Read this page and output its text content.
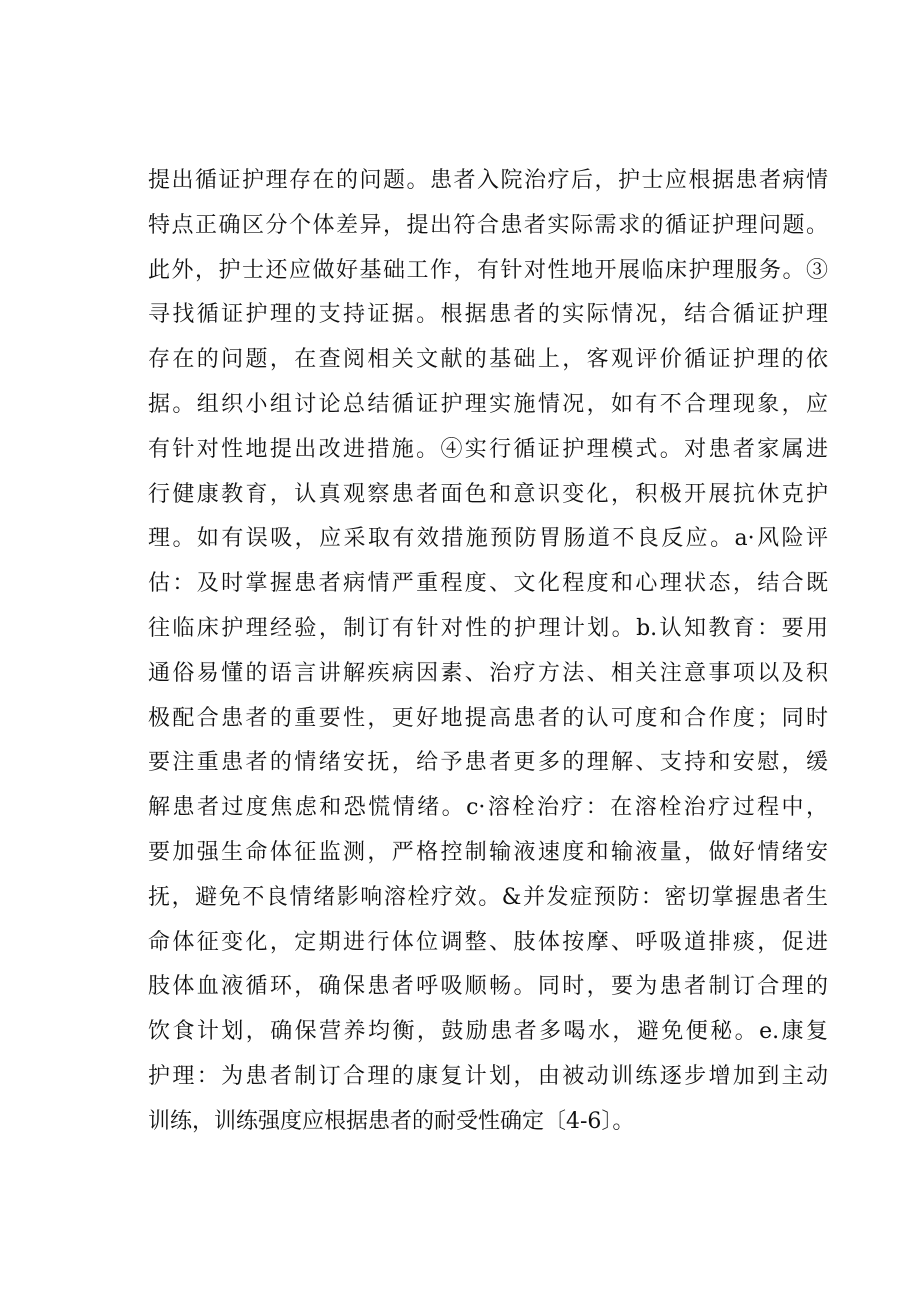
提出循证护理存在的问题。患者入院治疗后，护士应根据患者病情
特点正确区分个体差异，提出符合患者实际需求的循证护理问题。
此外，护士还应做好基础工作，有针对性地开展临床护理服务。③
寻找循证护理的支持证据。根据患者的实际情况，结合循证护理
存在的问题，在查阅相关文献的基础上，客观评价循证护理的依
据。组织小组讨论总结循证护理实施情况，如有不合理现象，应
有针对性地提出改进措施。④实行循证护理模式。对患者家属进
行健康教育，认真观察患者面色和意识变化，积极开展抗休克护
理。如有误吸，应采取有效措施预防胃肠道不良反应。a·风险评
估：及时掌握患者病情严重程度、文化程度和心理状态，结合既
往临床护理经验，制订有针对性的护理计划。b.认知教育：要用
通俗易懂的语言讲解疾病因素、治疗方法、相关注意事项以及积
极配合患者的重要性，更好地提高患者的认可度和合作度；同时
要注重患者的情绪安抚，给予患者更多的理解、支持和安慰，缓
解患者过度焦虑和恐慌情绪。c·溶栓治疗：在溶栓治疗过程中，
要加强生命体征监测，严格控制输液速度和输液量，做好情绪安
抚，避免不良情绪影响溶栓疗效。&并发症预防：密切掌握患者生
命体征变化，定期进行体位调整、肢体按摩、呼吸道排痰，促进
肢体血液循环，确保患者呼吸顺畅。同时，要为患者制订合理的
饮食计划，确保营养均衡，鼓励患者多喝水，避免便秘。e.康复
护理：为患者制订合理的康复计划，由被动训练逐步增加到主动
训练，训练强度应根据患者的耐受性确定〔4-6〕。
